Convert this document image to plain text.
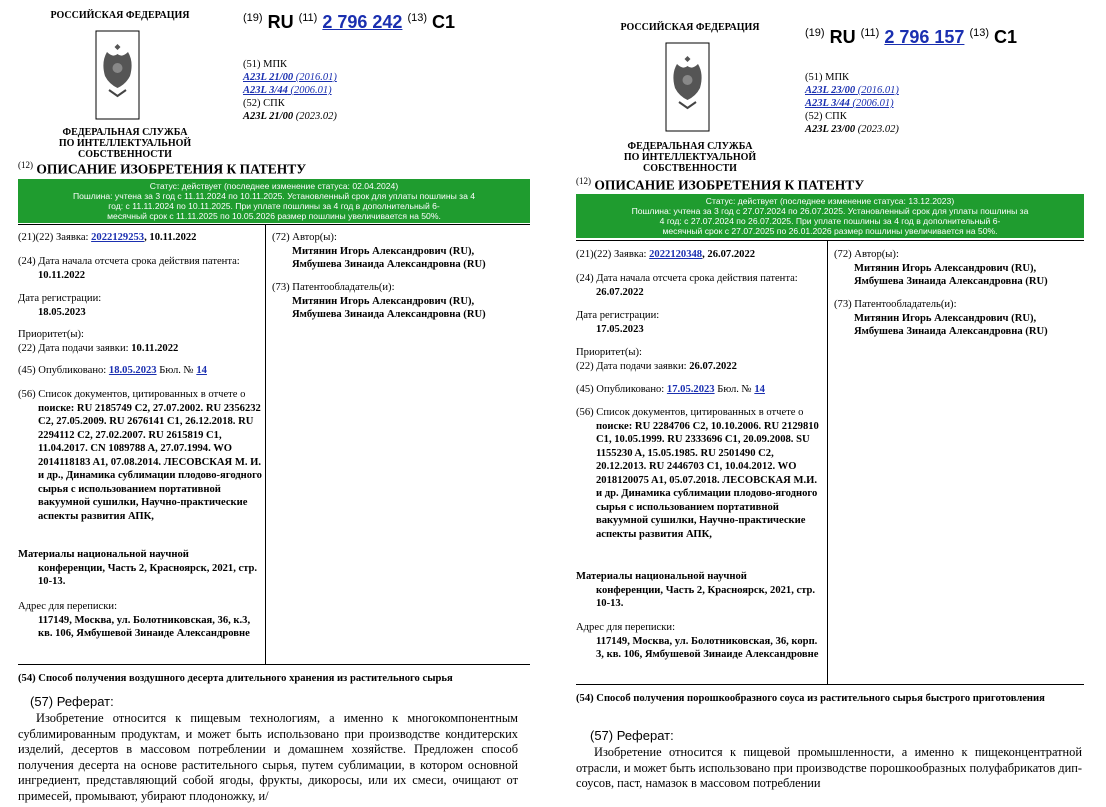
РОССИЙСКАЯ ФЕДЕРАЦИЯ
ФЕДЕРАЛЬНАЯ СЛУЖБА
ПО ИНТЕЛЛЕКТУАЛЬНОЙ СОБСТВЕННОСТИ
$^{(19)}$ RU $^{(11)}$ 2 796 242 $^{(13)}$ C1
(51) МПК
A23L 21/00 (2016.01)
A23L 3/44 (2006.01)
(52) СПК
A23L 21/00 (2023.02)
$^{(12)}$ ОПИСАНИЕ ИЗОБРЕТЕНИЯ К ПАТЕНТУ
Статус: действует (последнее изменение статуса: 02.04.2024)
Пошлина: учтена за 3 год с 11.11.2024 по 10.11.2025. Установленный срок для уплаты пошлины за 4
год: с 11.11.2024 по 10.11.2025. При уплате пошлины за 4 год в дополнительный 6-
месячный срок с 11.11.2025 по 10.05.2026 размер пошлины увеличивается на 50%.
(21)(22) Заявка: 2022129253, 10.11.2022
(24) Дата начала отсчета срока действия патента:
10.11.2022
Дата регистрации:
18.05.2023
Приоритет(ы):
(22) Дата подачи заявки: 10.11.2022
(45) Опубликовано: 18.05.2023 Бюл. № 14
(56) Список документов, цитированных в отчете о
поиске: RU 2185749 C2, 27.07.2002. RU 2356232 C2, 27.05.2009. RU 2676141 C1, 26.12.2018. RU 2294112 C2, 27.02.2007. RU 2615819 C1, 11.04.2017. CN 1089788 A, 27.07.1994. WO 2014118183 A1, 07.08.2014. ЛЕСОВСКАЯ М. И. и др., Динамика сублимации плодово-ягодного сырья с использованием портативной вакуумной сушилки, Научно-практические аспекты развития АПК,
Материалы национальной научной
конференции, Часть 2, Красноярск, 2021, стр. 10-13.
Адрес для переписки:
117149, Москва, ул. Болотниковская, 36, к.3, кв. 106, Ямбушевой Зинаиде Александровне
(72) Автор(ы):
Митянин Игорь Александрович (RU),
Ямбушева Зинаида Александровна (RU)
(73) Патентообладатель(и):
Митянин Игорь Александрович (RU),
Ямбушева Зинаида Александровна (RU)
(54) Способ получения воздушного десерта длительного хранения из растительного сырья
(57) Реферат:
Изобретение относится к пищевым технологиям, а именно к многокомпонентным сублимированным продуктам, и может быть использовано при производстве кондитерских изделий, десертов в массовом потреблении и домашнем хозяйстве. Предложен способ получения десерта на основе растительного сырья, путем сублимации, в котором основной ингредиент, представляющий собой ягоды, фрукты, дикоросы, или их смеси, очищают от примесей, промывают, убирают плодоножку, и/
РОССИЙСКАЯ ФЕДЕРАЦИЯ
ФЕДЕРАЛЬНАЯ СЛУЖБА
ПО ИНТЕЛЛЕКТУАЛЬНОЙ СОБСТВЕННОСТИ
$^{(19)}$ RU $^{(11)}$ 2 796 157 $^{(13)}$ C1
(51) МПК
A23L 23/00 (2016.01)
A23L 3/44 (2006.01)
(52) СПК
A23L 23/00 (2023.02)
$^{(12)}$ ОПИСАНИЕ ИЗОБРЕТЕНИЯ К ПАТЕНТУ
Статус: действует (последнее изменение статуса: 13.12.2023)
Пошлина: учтена за 3 год с 27.07.2024 по 26.07.2025. Установленный срок для уплаты пошлины за
4 год: с 27.07.2024 по 26.07.2025. При уплате пошлины за 4 год в дополнительный 6-
месячный срок с 27.07.2025 по 26.01.2026 размер пошлины увеличивается на 50%.
(21)(22) Заявка: 2022120348, 26.07.2022
(24) Дата начала отсчета срока действия патента:
26.07.2022
Дата регистрации:
17.05.2023
Приоритет(ы):
(22) Дата подачи заявки: 26.07.2022
(45) Опубликовано: 17.05.2023 Бюл. № 14
(56) Список документов, цитированных в отчете о
поиске: RU 2284706 C2, 10.10.2006. RU 2129810 C1, 10.05.1999. RU 2333696 C1, 20.09.2008. SU 1155230 A, 15.05.1985. RU 2501490 C2, 20.12.2013. RU 2446703 C1, 10.04.2012. WO 2018120075 A1, 05.07.2018. ЛЕСОВСКАЯ М.И. и др. Динамика сублимации плодово-ягодного сырья с использованием портативной вакуумной сушилки, Научно-практические аспекты развития АПК,
Материалы национальной научной
конференции, Часть 2, Красноярск, 2021, стр. 10-13.
Адрес для переписки:
117149, Москва, ул. Болотниковская, 36, корп. 3, кв. 106, Ямбушевой Зинаиде Александровне
(72) Автор(ы):
Митянин Игорь Александрович (RU),
Ямбушева Зинаида Александровна (RU)
(73) Патентообладатель(и):
Митянин Игорь Александрович (RU),
Ямбушева Зинаида Александровна (RU)
(54) Способ получения порошкообразного соуса из растительного сырья быстрого приготовления
(57) Реферат:
Изобретение относится к пищевой промышленности, а именно к пищеконцентратной отрасли, и может быть использовано при производстве порошкообразных полуфабрикатов дип-соусов, паст, намазок в массовом потреблении
